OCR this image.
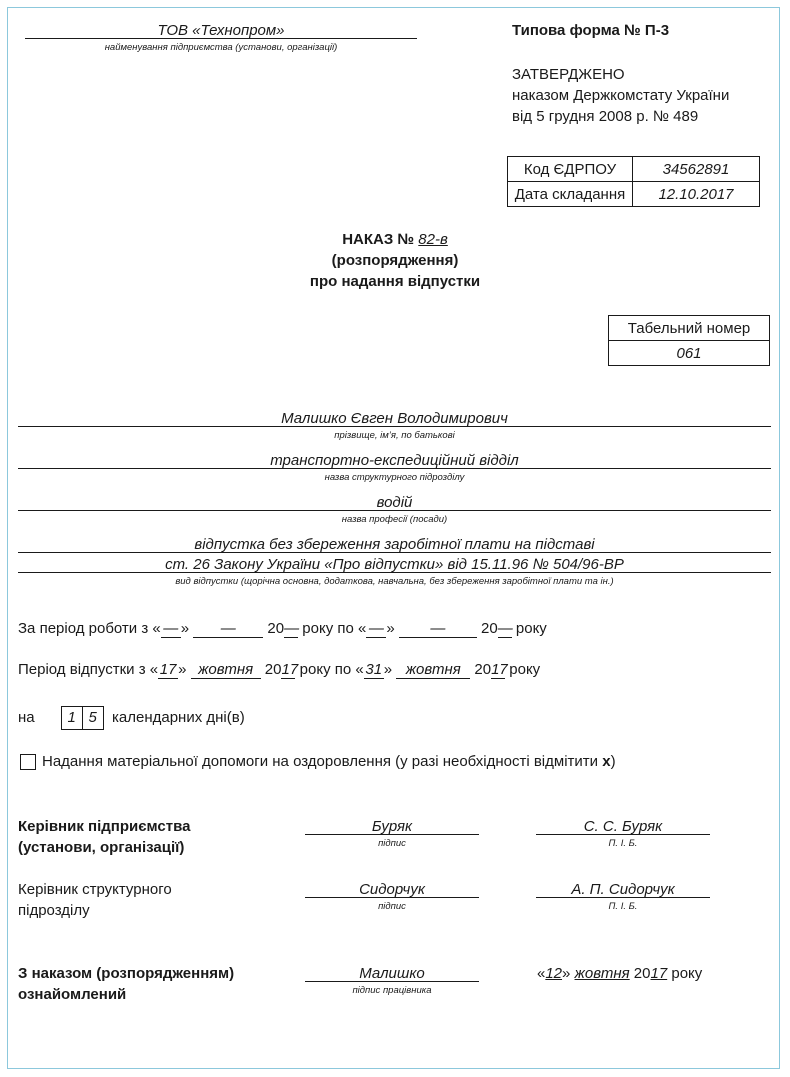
ТОВ «Технопром»
найменування підприємства (установи, організації)
Типова форма № П-3
ЗАТВЕРДЖЕНО
наказом Держкомстату України
від 5 грудня 2008 р. № 489
Код ЄДРПОУ	34562891
Дата складання	12.10.2017
НАКАЗ № 82-в
(розпорядження)
про надання відпустки
Табельний номер
061
Малишко Євген Володимирович
прізвище, ім’я, по батькові
транспортно-експедиційний відділ
назва структурного підрозділу
водій
назва професії (посади)
відпустка без збереження заробітної плати на підставі
ст. 26 Закону України «Про відпустки» від 15.11.96 № 504/96-ВР
вид відпустки (щорічна основна, додаткова, навчальна, без збереження заробітної плати та ін.)
За період роботи з « — » — 20— року по « — » — 20— року
Період відпустки з « 17 » жовтня 2017 року по « 31 » жовтня 2017 року
на 1 5 календарних дні(в)
Надання матеріальної допомоги на оздоровлення (у разі необхідності відмітити х)
Керівник підприємства
(установи, організації)
Буряк
підпис
С. С. Буряк
П. І. Б.
Керівник структурного
підрозділу
Сидорчук
підпис
А. П. Сидорчук
П. І. Б.
З наказом (розпорядженням)
ознайомлений
Малишко
підпис працівника
«12» жовтня 2017 року
